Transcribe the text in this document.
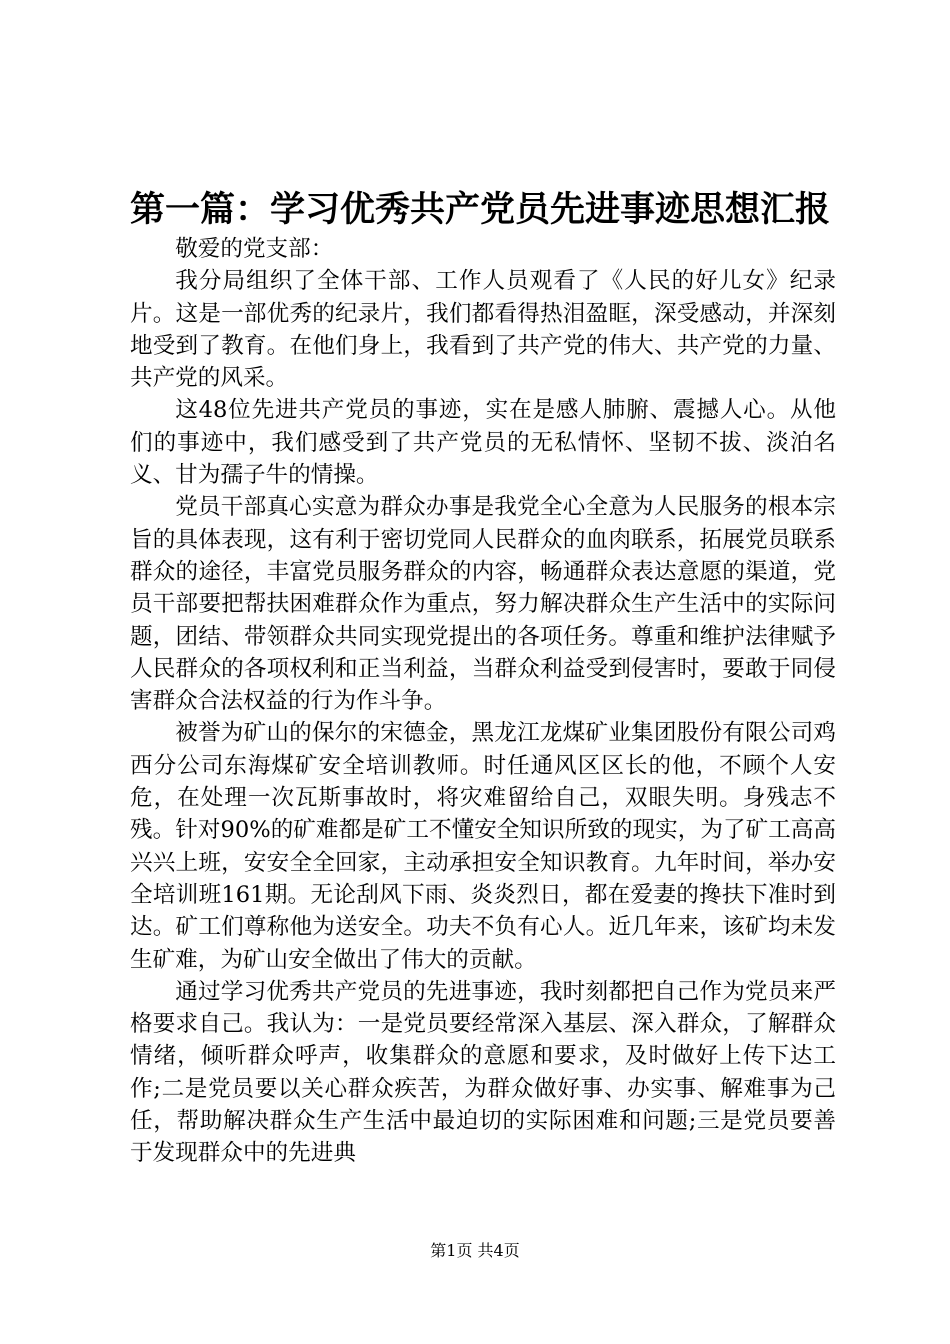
第一篇：学习优秀共产党员先进事迹思想汇报

敬爱的党支部：

我分局组织了全体干部、工作人员观看了《人民的好儿女》纪录片。这是一部优秀的纪录片，我们都看得热泪盈眶，深受感动，并深刻地受到了教育。在他们身上，我看到了共产党的伟大、共产党的力量、共产党的风采。

这48位先进共产党员的事迹，实在是感人肺腑、震撼人心。从他们的事迹中，我们感受到了共产党员的无私情怀、坚韧不拔、淡泊名义、甘为孺子牛的情操。

党员干部真心实意为群众办事是我党全心全意为人民服务的根本宗旨的具体表现，这有利于密切党同人民群众的血肉联系，拓展党员联系群众的途径，丰富党员服务群众的内容，畅通群众表达意愿的渠道，党员干部要把帮扶困难群众作为重点，努力解决群众生产生活中的实际问题，团结、带领群众共同实现党提出的各项任务。尊重和维护法律赋予人民群众的各项权利和正当利益，当群众利益受到侵害时，要敢于同侵害群众合法权益的行为作斗争。

被誉为矿山的保尔的宋德金，黑龙江龙煤矿业集团股份有限公司鸡西分公司东海煤矿安全培训教师。时任通风区区长的他，不顾个人安危，在处理一次瓦斯事故时，将灾难留给自己，双眼失明。身残志不残。针对90%的矿难都是矿工不懂安全知识所致的现实，为了矿工高高兴兴上班，安安全全回家，主动承担安全知识教育。九年时间，举办安全培训班161期。无论刮风下雨、炎炎烈日，都在爱妻的搀扶下准时到达。矿工们尊称他为送安全。功夫不负有心人。近几年来，该矿均未发生矿难，为矿山安全做出了伟大的贡献。

通过学习优秀共产党员的先进事迹，我时刻都把自己作为党员来严格要求自己。我认为：一是党员要经常深入基层、深入群众，了解群众情绪，倾听群众呼声，收集群众的意愿和要求，及时做好上传下达工作;二是党员要以关心群众疾苦，为群众做好事、办实事、解难事为己任，帮助解决群众生产生活中最迫切的实际困难和问题;三是党员要善于发现群众中的先进典

第1页 共4页
